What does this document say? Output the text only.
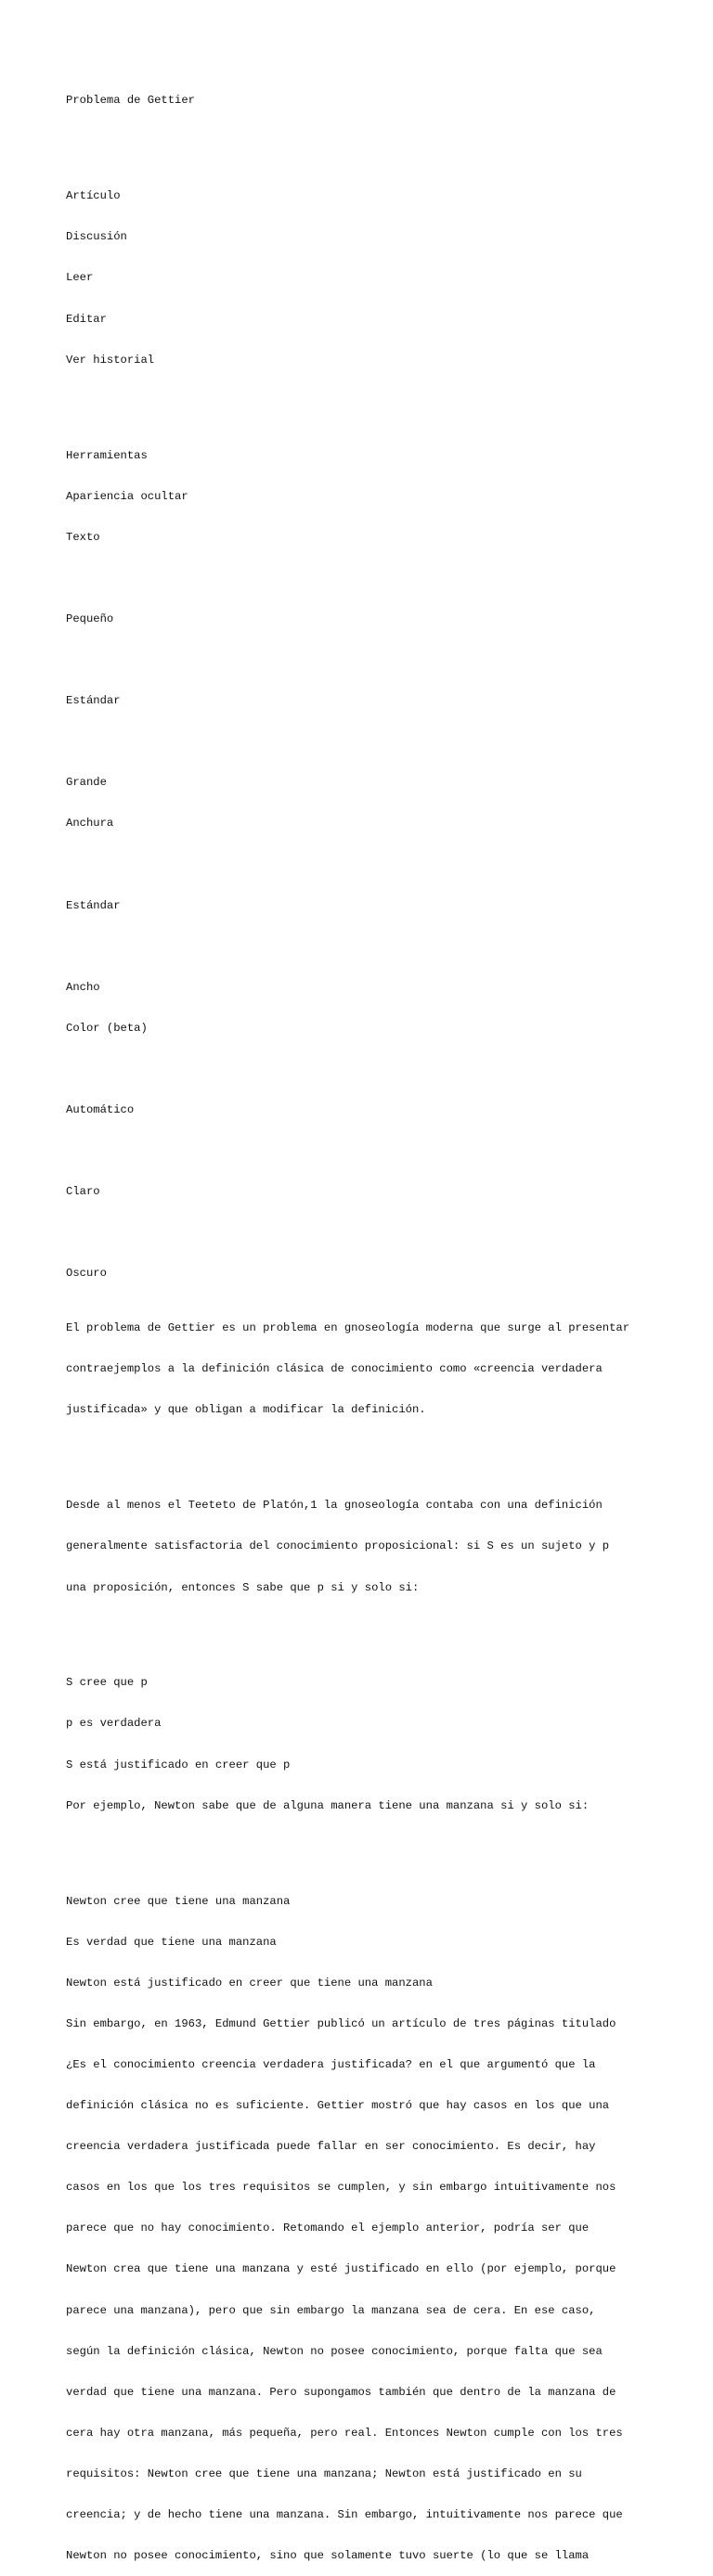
Problema de Gettier

Artículo

Discusión

Leer

Editar

Ver historial

Herramientas

Apariencia ocultar

Texto

Pequeño

Estándar

Grande

Anchura

Estándar

Ancho

Color (beta)

Automático

Claro

Oscuro

El problema de Gettier es un problema en gnoseología moderna que surge al presentar

contraejemplos a la definición clásica de conocimiento como «creencia verdadera

justificada» y que obligan a modificar la definición.

Desde al menos el Teeteto de Platón,1 la gnoseología contaba con una definición

generalmente satisfactoria del conocimiento proposicional: si S es un sujeto y p

una proposición, entonces S sabe que p si y solo si:

S cree que p

p es verdadera

S está justificado en creer que p

Por ejemplo, Newton sabe que de alguna manera tiene una manzana si y solo si:

Newton cree que tiene una manzana

Es verdad que tiene una manzana

Newton está justificado en creer que tiene una manzana

Sin embargo, en 1963, Edmund Gettier publicó un artículo de tres páginas titulado

¿Es el conocimiento creencia verdadera justificada? en el que argumentó que la

definición clásica no es suficiente. Gettier mostró que hay casos en los que una

creencia verdadera justificada puede fallar en ser conocimiento. Es decir, hay

casos en los que los tres requisitos se cumplen, y sin embargo intuitivamente nos

parece que no hay conocimiento. Retomando el ejemplo anterior, podría ser que

Newton crea que tiene una manzana y esté justificado en ello (por ejemplo, porque

parece una manzana), pero que sin embargo la manzana sea de cera. En ese caso,

según la definición clásica, Newton no posee conocimiento, porque falta que sea

verdad que tiene una manzana. Pero supongamos también que dentro de la manzana de

cera hay otra manzana, más pequeña, pero real. Entonces Newton cumple con los tres

requisitos: Newton cree que tiene una manzana; Newton está justificado en su

creencia; y de hecho tiene una manzana. Sin embargo, intuitivamente nos parece que

Newton no posee conocimiento, sino que solamente tuvo suerte (lo que se llama
